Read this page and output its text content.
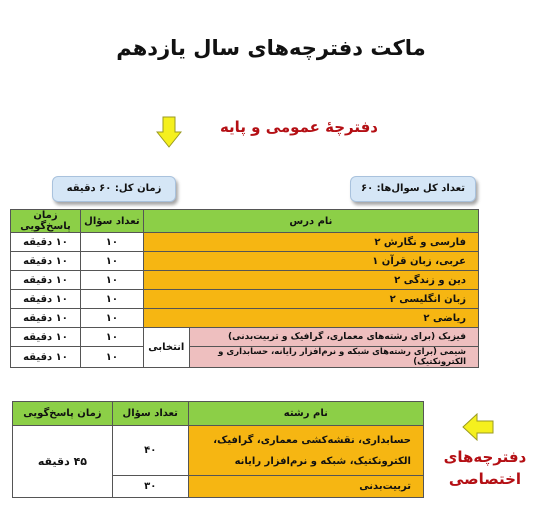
ماکت دفترچه‌های سال یازدهم
دفترچهٔ عمومی و پایه
زمان کل: ۶۰ دقیقه	تعداد کل سوال‌ها: ۶۰
نام درس		تعداد سؤال	زمان پاسخ‌گویی
فارسی و نگارش ۲		۱۰	۱۰ دقیقه
عربی، زبان قرآن ۱		۱۰	۱۰ دقیقه
دین و زندگی ۲		۱۰	۱۰ دقیقه
زبان انگلیسی ۲		۱۰	۱۰ دقیقه
ریاضی ۲		۱۰	۱۰ دقیقه
فیزیک (برای رشته‌های معماری، گرافیک و تربیت‌بدنی)	انتخابی	۱۰	۱۰ دقیقه
شیمی (برای رشته‌های شبکه و نرم‌افزار رایانه، حسابداری و الکترونکتیک)		۱۰	۱۰ دقیقه
نام رشته	تعداد سؤال	زمان پاسخ‌گویی

حسابداری، نقشه‌کشی معماری، گرافیک،
الکترونکتیک، شبکه و نرم‌افزار رایانه	۴۰	۴۵ دقیقه
تربیت‌بدنی	۳۰	
دفترچه‌های اختصاصی
